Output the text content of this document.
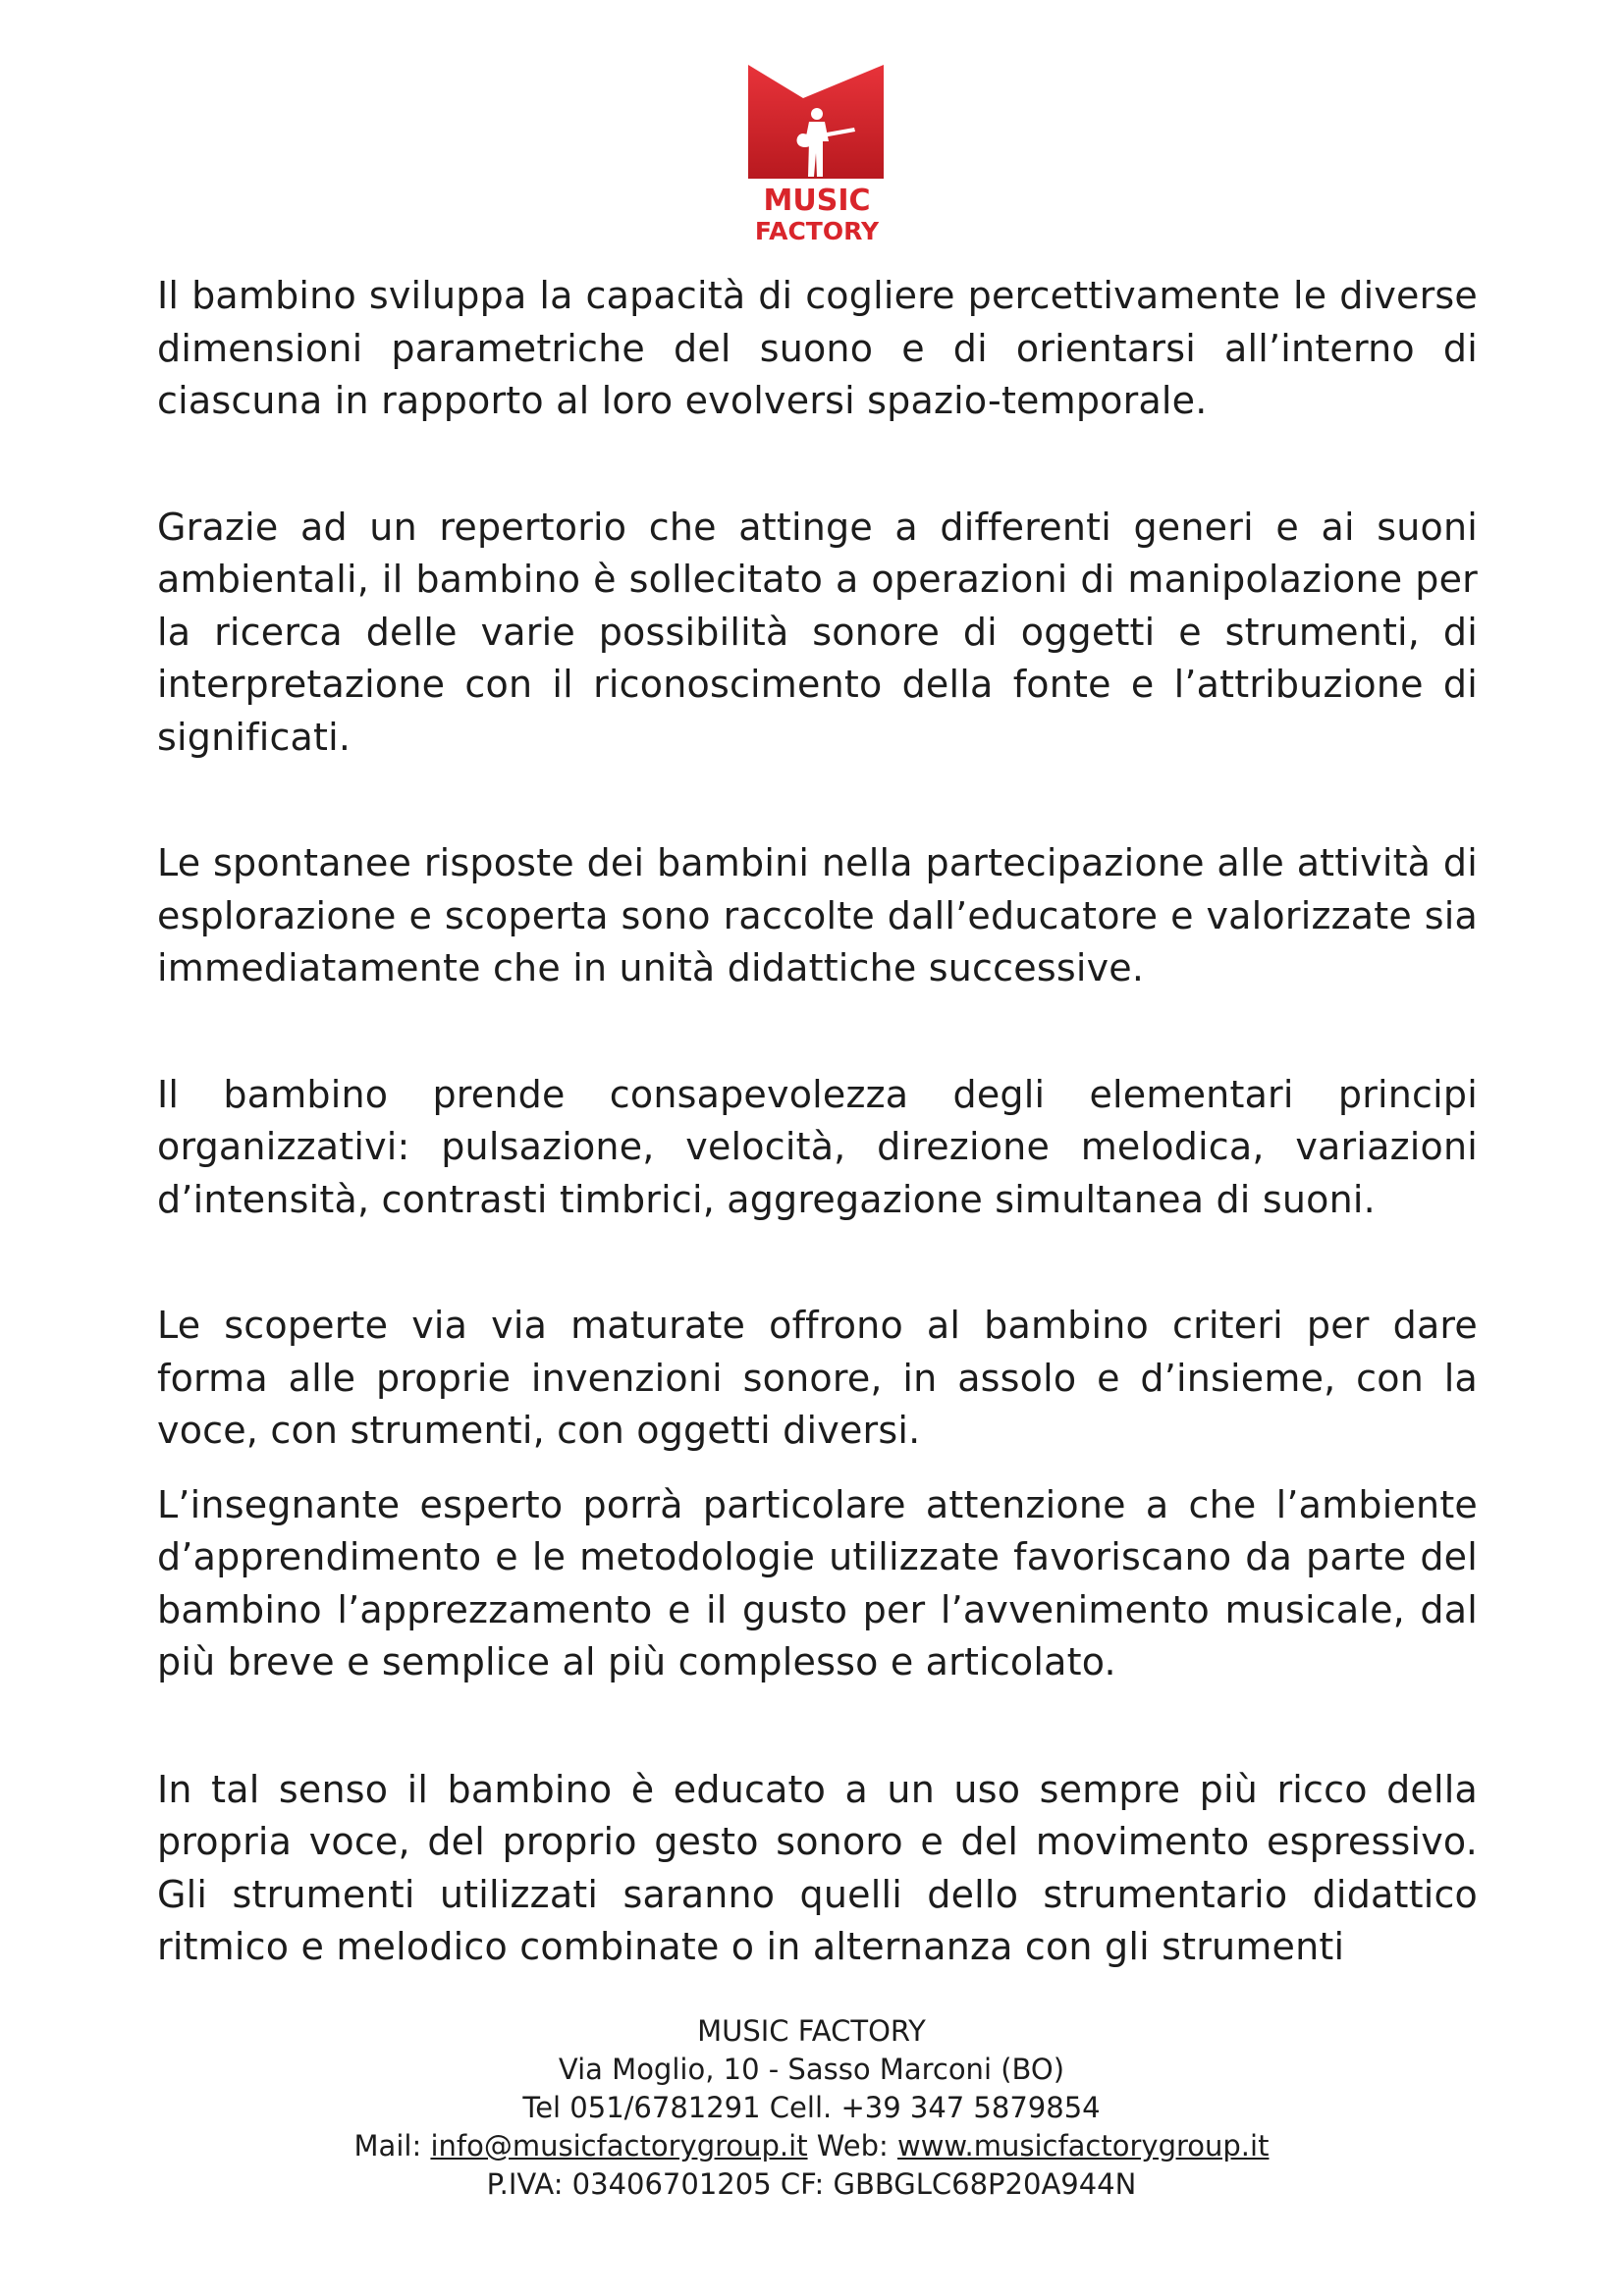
MUSIC
FACTORY

Il bambino sviluppa la capacità di cogliere percettivamente le diverse dimensioni parametriche del suono e di orientarsi all’interno di ciascuna in rapporto al loro evolversi spazio-temporale.

Grazie ad un repertorio che attinge a differenti generi e ai suoni ambientali, il bambino è sollecitato a operazioni di manipolazione per la ricerca delle varie possibilità sonore di oggetti e strumenti, di interpretazione con il riconoscimento della fonte e l’attribuzione di significati.

Le spontanee risposte dei bambini nella partecipazione alle attività di esplorazione e scoperta sono raccolte dall’educatore e valorizzate sia immediatamente che in unità didattiche successive.

Il bambino prende consapevolezza degli elementari principi organizzativi: pulsazione, velocità, direzione melodica, variazioni d’intensità, contrasti timbrici, aggregazione simultanea di suoni.

Le scoperte via via maturate offrono al bambino criteri per dare forma alle proprie invenzioni sonore, in assolo e d’insieme, con la voce, con strumenti, con oggetti diversi.

L’insegnante esperto porrà particolare attenzione a che l’ambiente d’apprendimento e le metodologie utilizzate favoriscano da parte del bambino l’apprezzamento e il gusto per l’avvenimento musicale, dal più breve e semplice al più complesso e articolato.

In tal senso il bambino è educato a un uso sempre più ricco della propria voce, del proprio gesto sonoro e del movimento espressivo. Gli strumenti utilizzati saranno quelli dello strumentario didattico ritmico e melodico combinate o in alternanza con gli strumenti

MUSIC FACTORY
Via Moglio, 10 - Sasso Marconi (BO)
Tel 051/6781291 Cell. +39 347 5879854
Mail: info@musicfactorygroup.it Web: www.musicfactorygroup.it
P.IVA: 03406701205 CF: GBBGLC68P20A944N
